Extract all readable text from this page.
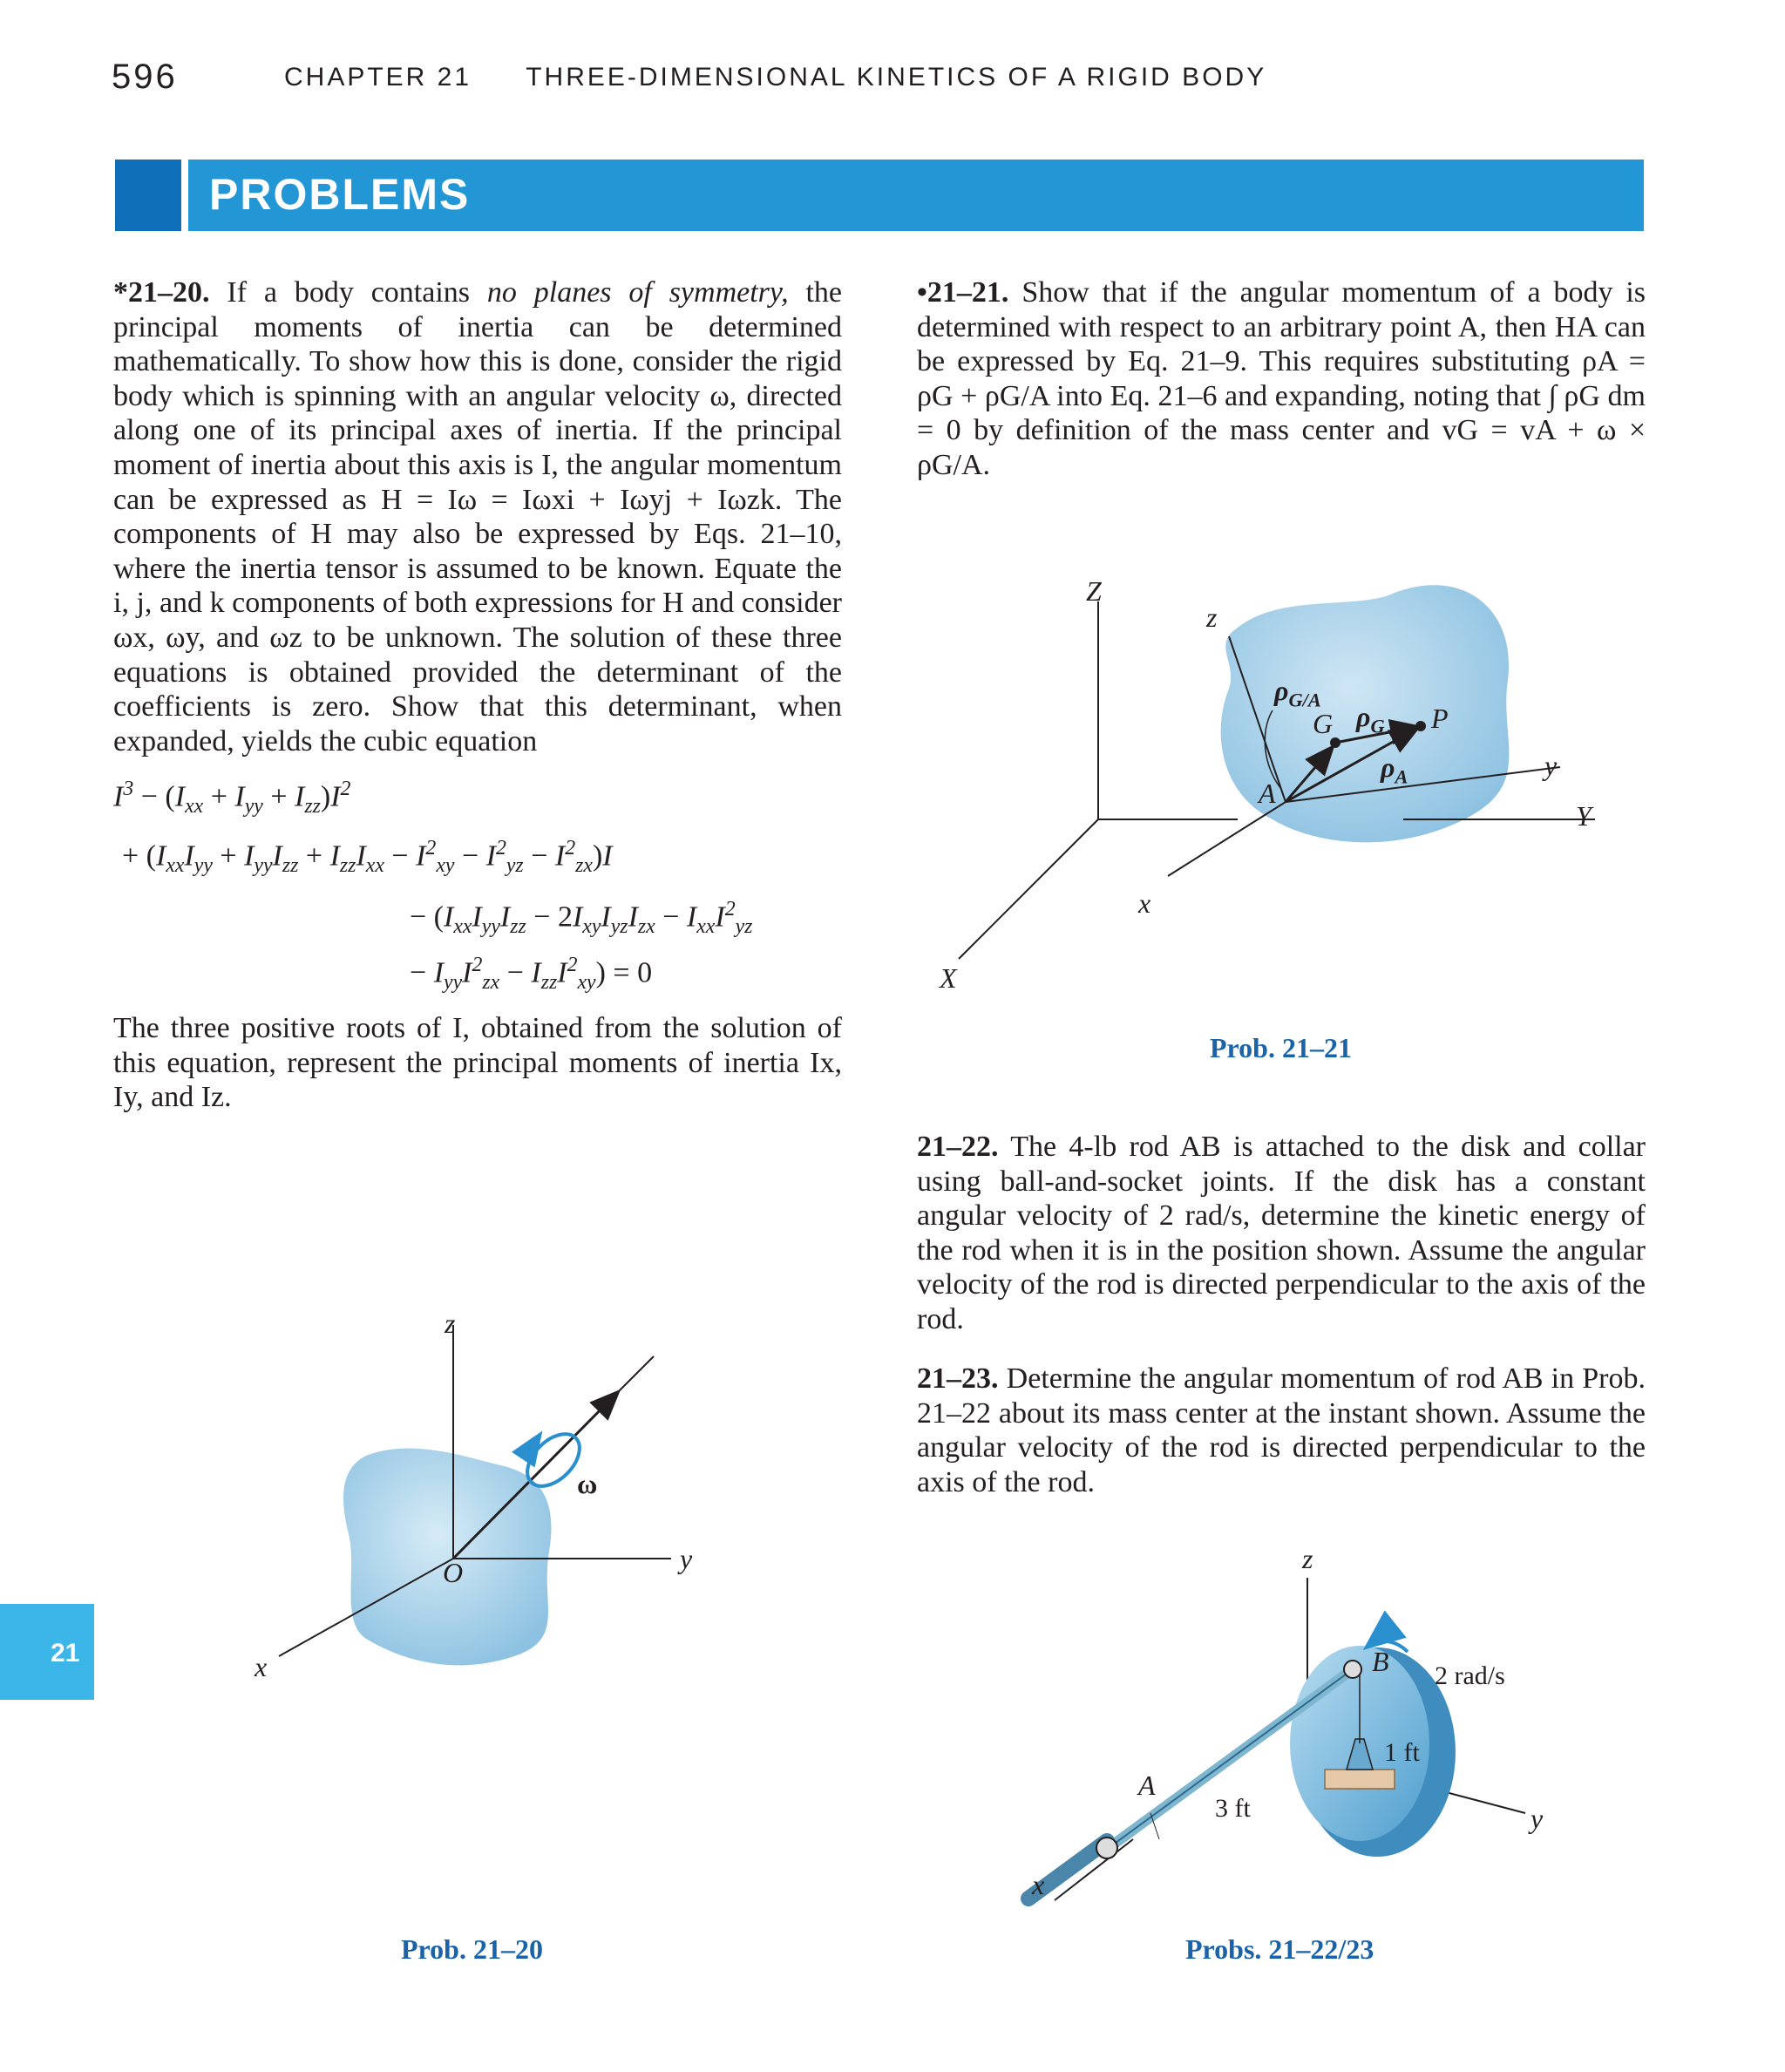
596	CHAPTER 21 THREE-DIMENSIONAL KINETICS OF A RIGID BODY
PROBLEMS
*21–20. If a body contains no planes of symmetry, the principal moments of inertia can be determined mathematically. To show how this is done, consider the rigid body which is spinning with an angular velocity ω, directed along one of its principal axes of inertia. If the principal moment of inertia about this axis is I, the angular momentum can be expressed as H = Iω = Iωxi + Iωyj + Iωzk. The components of H may also be expressed by Eqs. 21–10, where the inertia tensor is assumed to be known. Equate the i, j, and k components of both expressions for H and consider ωx, ωy, and ωz to be unknown. The solution of these three equations is obtained provided the determinant of the coefficients is zero. Show that this determinant, when expanded, yields the cubic equation
$I^3 - (I_{xx} + I_{yy} + I_{zz})I^2$
+ $(I_{xx}I_{yy} + I_{yy}I_{zz} + I_{zz}I_{xx} - I^2_{xy} - I^2_{yz} - I^2_{zx})I$
− ($I_{xx}I_{yy}I_{zz} - 2I_{xy}I_{yz}I_{zx} - I_{xx}I^2_{yz}$
− $I_{yy}I^2_{zx} - I_{zz}I^2_{xy}) = 0$
The three positive roots of I, obtained from the solution of this equation, represent the principal moments of inertia Ix, Iy, and Iz.
•21–21. Show that if the angular momentum of a body is determined with respect to an arbitrary point A, then HA can be expressed by Eq. 21–9. This requires substituting ρA = ρG + ρG/A into Eq. 21–6 and expanding, noting that ∫ ρG dm = 0 by definition of the mass center and vG = vA + ω × ρG/A.
Z
z
Y
y
X
x
A
G	P
$\rho_{G/A}$
$\rho_G$
$\rho_A$
Prob. 21–21
21–22. The 4-lb rod AB is attached to the disk and collar using ball-and-socket joints. If the disk has a constant angular velocity of 2 rad/s, determine the kinetic energy of the rod when it is in the position shown. Assume the angular velocity of the rod is directed perpendicular to the axis of the rod.
21–23. Determine the angular momentum of rod AB in Prob. 21–22 about its mass center at the instant shown. Assume the angular velocity of the rod is directed perpendicular to the axis of the rod.
z
y
x
A
B 2 rad/s
3 ft
1 ft
Probs. 21–22/23
z
y
x
O
ω
Prob. 21–20
21
